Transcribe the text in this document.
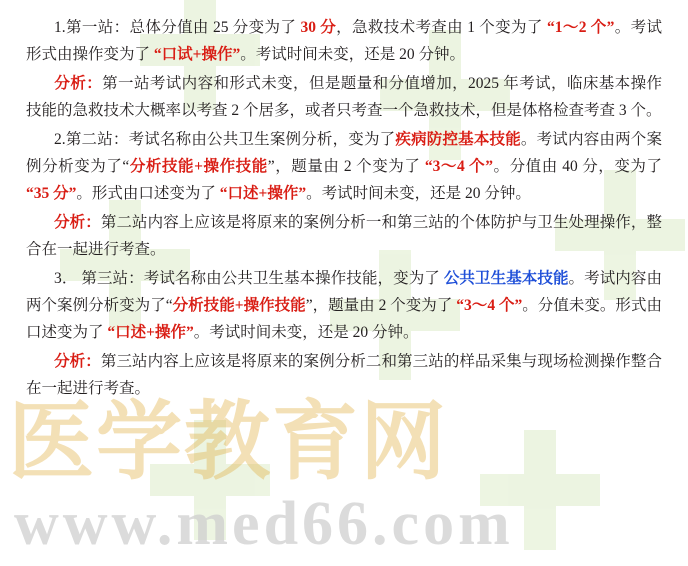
医学教育网
www.med66.com

1.第一站：总体分值由 25 分变为了 30 分，急救技术考查由 1 个变为了 “1～2 个”。考试形式由操作变为了 “口试+操作”。考试时间未变，还是 20 分钟。

分析：第一站考试内容和形式未变，但是题量和分值增加，2025 年考试，临床基本操作技能的急救技术大概率以考查 2 个居多，或者只考查一个急救技术，但是体格检查考查 3 个。

2.第二站：考试名称由公共卫生案例分析，变为了疾病防控基本技能。考试内容由两个案例分析变为了“分析技能+操作技能”，题量由 2 个变为了 “3～4 个”。分值由 40 分，变为了 “35 分”。形式由口述变为了 “口述+操作”。考试时间未变，还是 20 分钟。

分析：第二站内容上应该是将原来的案例分析一和第三站的个体防护与卫生处理操作，整合在一起进行考查。

3． 第三站：考试名称由公共卫生基本操作技能，变为了 公共卫生基本技能。考试内容由两个案例分析变为了“分析技能+操作技能”，题量由 2 个变为了 “3～4 个”。分值未变。形式由口述变为了 “口述+操作”。考试时间未变，还是 20 分钟。

分析：第三站内容上应该是将原来的案例分析二和第三站的样品采集与现场检测操作整合在一起进行考查。
